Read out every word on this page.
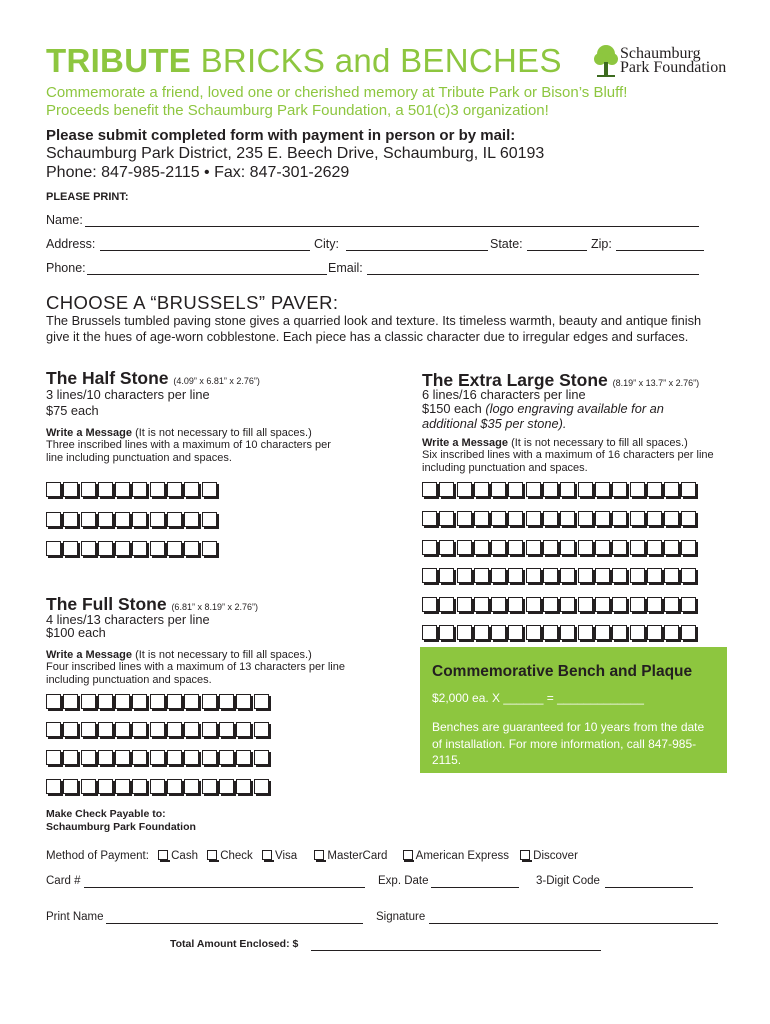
TRIBUTE BRICKS and BENCHES	Schaumburg
Park Foundation
Commemorate a friend, loved one or cherished memory at Tribute Park or Bison’s Bluff!
Proceeds benefit the Schaumburg Park Foundation, a 501(c)3 organization!
Please submit completed form with payment in person or by mail:
Schaumburg Park District, 235 E. Beech Drive, Schaumburg, IL 60193
Phone: 847-985-2115 • Fax: 847-301-2629
PLEASE PRINT:
Name:
Address:	City:	State:	Zip:
Phone:	Email:
CHOOSE A “BRUSSELS” PAVER:
The Brussels tumbled paving stone gives a quarried look and texture. Its timeless warmth, beauty and antique finish give it the hues of age-worn cobblestone. Each piece has a classic character due to irregular edges and surfaces.
The Half Stone (4.09” x 6.81” x 2.76”)
3 lines/10 characters per line
$75 each
Write a Message (It is not necessary to fill all spaces.)
Three inscribed lines with a maximum of 10 characters per line including punctuation and spaces.
The Full Stone (6.81” x 8.19” x 2.76”)
4 lines/13 characters per line
$100 each
Write a Message (It is not necessary to fill all spaces.)
Four inscribed lines with a maximum of 13 characters per line including punctuation and spaces.
The Extra Large Stone (8.19” x 13.7” x 2.76”)
6 lines/16 characters per line
$150 each (logo engraving available for an additional $35 per stone).
Write a Message (It is not necessary to fill all spaces.)
Six inscribed lines with a maximum of 16 characters per line including punctuation and spaces.
Commemorative Bench and Plaque
$2,000 ea. X ______ = _____________
Benches are guaranteed for 10 years from the date of installation. For more information, call 847-985-2115.
Make Check Payable to:
Schaumburg Park Foundation
Method of Payment: Cash Check Visa	MasterCard American Express Discover
Card #	Exp. Date	3-Digit Code
Print Name	Signature
Total Amount Enclosed: $
